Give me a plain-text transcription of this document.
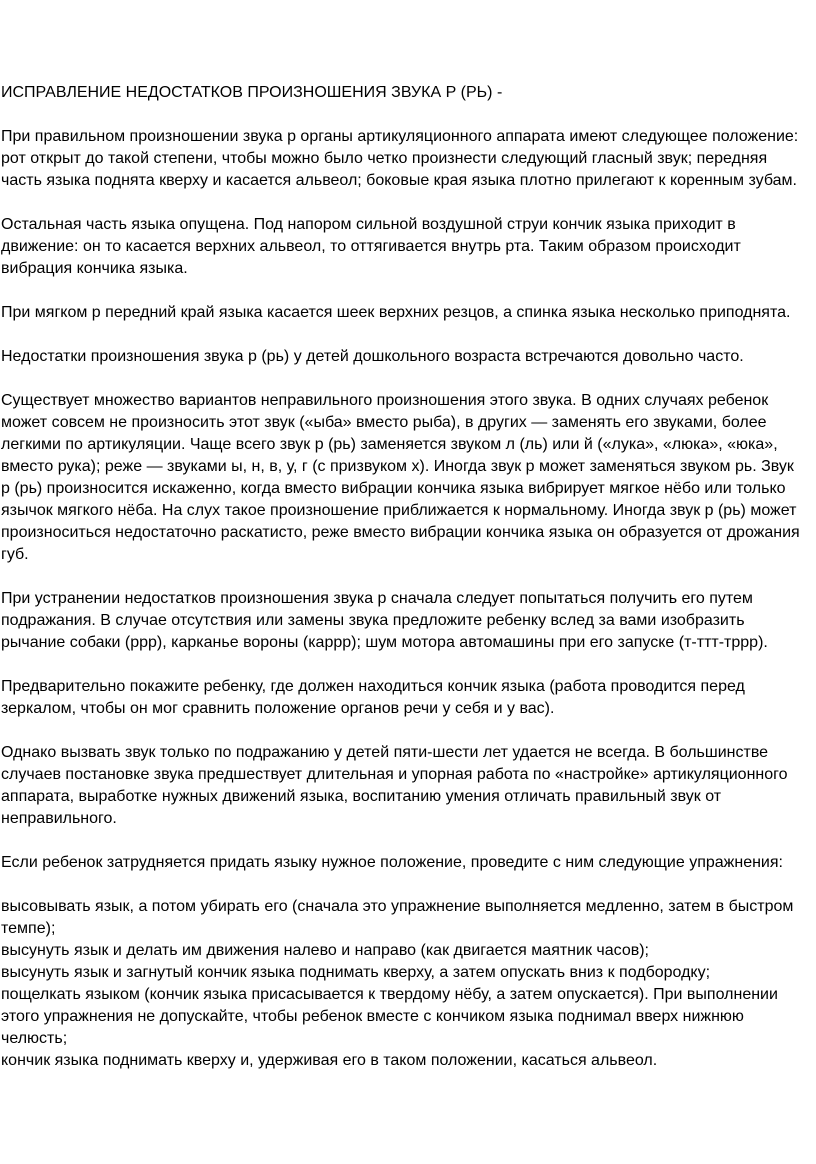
ИСПРАВЛЕНИЕ НЕДОСТАТКОВ ПРОИЗНОШЕНИЯ ЗВУКА Р (РЬ) -

При правильном произношении звука р органы артикуляционного аппарата имеют следующее положение: рот открыт до такой степени, чтобы можно было четко произнести следующий гласный звук; передняя часть языка поднята кверху и касается альвеол; боковые края языка плотно прилегают к коренным зубам.

Остальная часть языка опущена. Под напором сильной воздушной струи кончик языка приходит в движение: он то касается верхних альвеол, то оттягивается внутрь рта. Таким образом происходит вибрация кончика языка.

При мягком р передний край языка касается шеек верхних резцов, а спинка языка несколько приподнята.

Недостатки произношения звука р (рь) у детей дошкольного возраста встречаются довольно часто.

Существует множество вариантов неправильного произношения этого звука. В одних случаях ребенок может совсем не произносить этот звук («ыба» вместо рыба), в других — заменять его звуками, более легкими по артикуляции. Чаще всего звук р (рь) заменяется звуком л (ль) или й («лука», «люка», «юка», вместо рука); реже — звуками ы, н, в, у, г (с призвуком х). Иногда звук р может заменяться звуком рь. Звук р (рь) произносится искаженно, когда вместо вибрации кончика языка вибрирует мягкое нёбо или только язычок мягкого нёба. На слух такое произношение приближается к нормальному. Иногда звук р (рь) может произноситься недостаточно раскатисто, реже вместо вибрации кончика языка он образуется от дрожания губ.

При устранении недостатков произношения звука р сначала следует попытаться получить его путем подражания. В случае отсутствия или замены звука предложите ребенку вслед за вами изобразить рычание собаки (ррр), карканье вороны (каррр); шум мотора автомашины при его запуске (т-ттт-тррр).

Предварительно покажите ребенку, где должен находиться кончик языка (работа проводится перед зеркалом, чтобы он мог сравнить положение органов речи у себя и у вас).

Однако вызвать звук только по подражанию у детей пяти-шести лет удается не всегда. В большинстве случаев постановке звука предшествует длительная и упорная работа по «настройке» артикуляционного аппарата, выработке нужных движений языка, воспитанию умения отличать правильный звук от неправильного.

Если ребенок затрудняется придать языку нужное положение, проведите с ним следующие упражнения:

высовывать язык, а потом убирать его (сначала это упражнение выполняется медленно, затем в быстром темпе);
высунуть язык и делать им движения налево и направо (как двигается маятник часов);
высунуть язык и загнутый кончик языка поднимать кверху, а затем опускать вниз к подбородку;
пощелкать языком (кончик языка присасывается к твердому нёбу, а затем опускается). При выполнении этого упражнения не допускайте, чтобы ребенок вместе с кончиком языка поднимал вверх нижнюю челюсть;
кончик языка поднимать кверху и, удерживая его в таком положении, касаться альвеол.
